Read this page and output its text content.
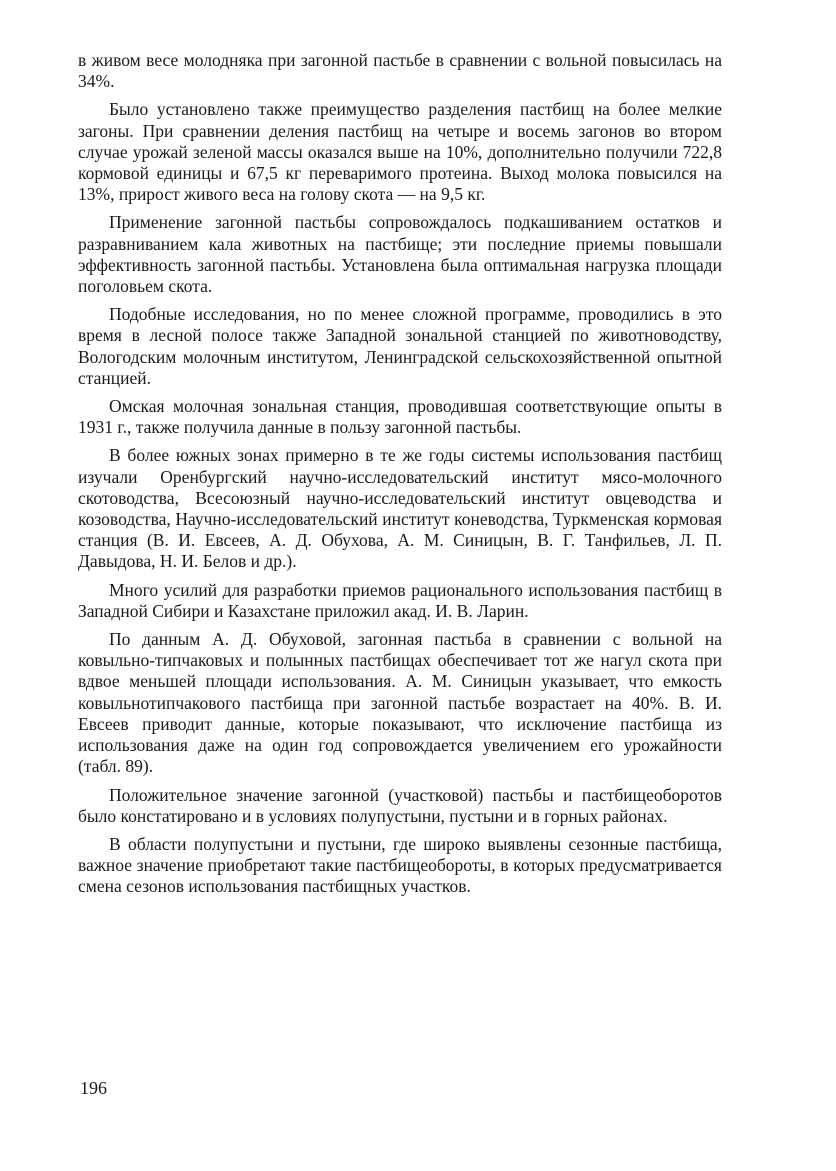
в живом весе молодняка при загонной пастьбе в сравнении с вольной повысилась на 34%.

Было установлено также преимущество разделения пастбищ на более мелкие загоны. При сравнении деления пастбищ на четыре и восемь загонов во втором случае урожай зеленой массы оказался выше на 10%, дополнительно получили 722,8 кормовой единицы и 67,5 кг переваримого протеина. Выход молока повысился на 13%, прирост живого веса на голову скота — на 9,5 кг.

Применение загонной пастьбы сопровождалось подкашиванием остатков и разравниванием кала животных на пастбище; эти последние приемы повышали эффективность загонной пастьбы. Установлена была оптимальная нагрузка площади поголовьем скота.

Подобные исследования, но по менее сложной программе, проводились в это время в лесной полосе также Западной зональной станцией по животноводству, Вологодским молочным институтом, Ленинградской сельскохозяйственной опытной станцией.

Омская молочная зональная станция, проводившая соответствующие опыты в 1931 г., также получила данные в пользу загонной пастьбы.

В более южных зонах примерно в те же годы системы использования пастбищ изучали Оренбургский научно-исследовательский институт мясо-молочного скотоводства, Всесоюзный научно-исследовательский институт овцеводства и козоводства, Научно-исследовательский институт коневодства, Туркменская кормовая станция (В. И. Евсеев, А. Д. Обухова, А. М. Синицын, В. Г. Танфильев, Л. П. Давыдова, Н. И. Белов и др.).

Много усилий для разработки приемов рационального использования пастбищ в Западной Сибири и Казахстане приложил акад. И. В. Ларин.

По данным А. Д. Обуховой, загонная пастьба в сравнении с вольной на ковыльно-типчаковых и полынных пастбищах обеспечивает тот же нагул скота при вдвое меньшей площади использования. А. М. Синицын указывает, что емкость ковыльнотипчакового пастбища при загонной пастьбе возрастает на 40%. В. И. Евсеев приводит данные, которые показывают, что исключение пастбища из использования даже на один год сопровождается увеличением его урожайности (табл. 89).

Положительное значение загонной (участковой) пастьбы и пастбищеоборотов было констатировано и в условиях полупустыни, пустыни и в горных районах.

В области полупустыни и пустыни, где широко выявлены сезонные пастбища, важное значение приобретают такие пастбищеобороты, в которых предусматривается смена сезонов использования пастбищных участков.

196
